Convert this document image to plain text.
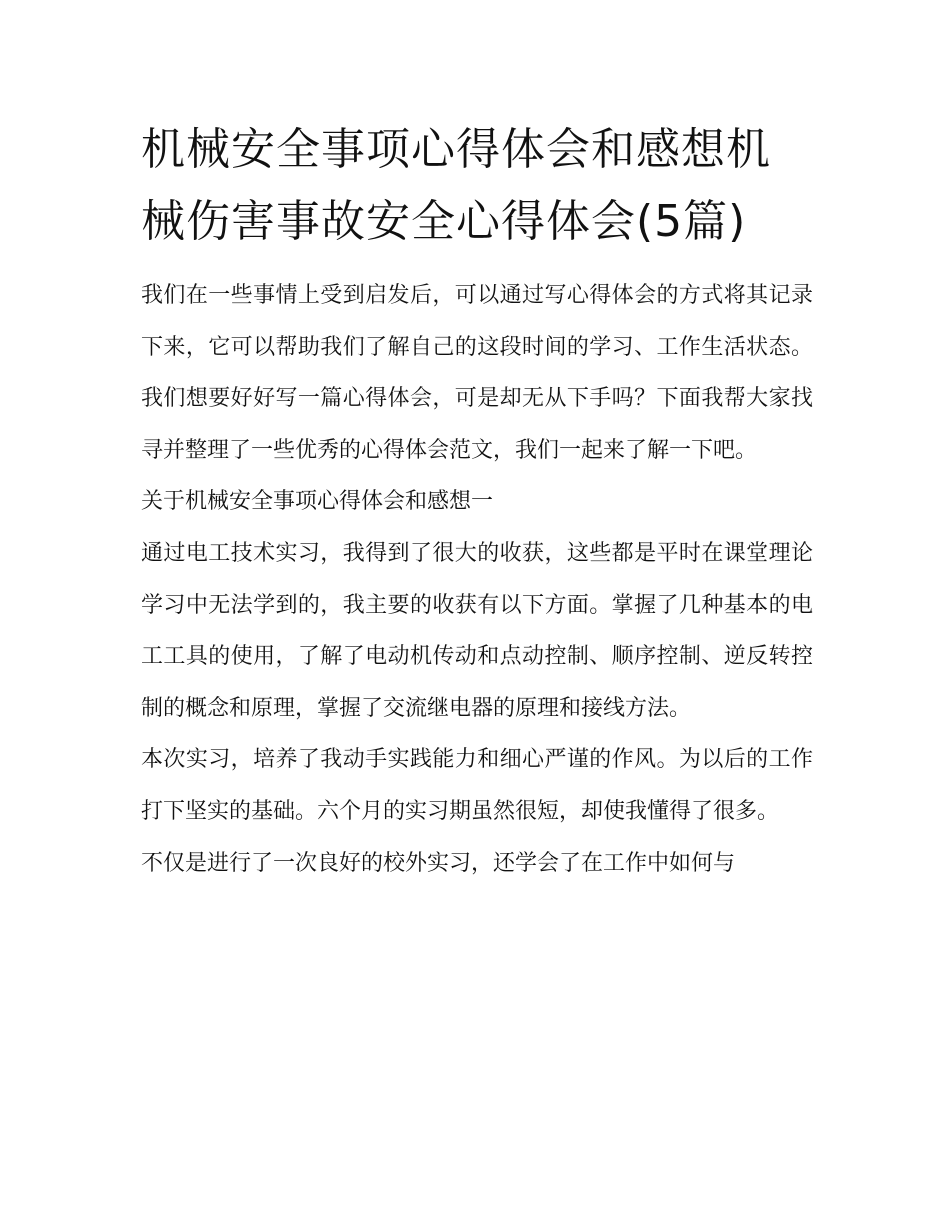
机械安全事项心得体会和感想机械伤害事故安全心得体会(5篇)

我们在一些事情上受到启发后，可以通过写心得体会的方式将其记录下来，它可以帮助我们了解自己的这段时间的学习、工作生活状态。我们想要好好写一篇心得体会，可是却无从下手吗？下面我帮大家找寻并整理了一些优秀的心得体会范文，我们一起来了解一下吧。

关于机械安全事项心得体会和感想一

通过电工技术实习，我得到了很大的收获，这些都是平时在课堂理论学习中无法学到的，我主要的收获有以下方面。掌握了几种基本的电工工具的使用，了解了电动机传动和点动控制、顺序控制、逆反转控制的概念和原理，掌握了交流继电器的原理和接线方法。

本次实习，培养了我动手实践能力和细心严谨的作风。为以后的工作打下坚实的基础。六个月的实习期虽然很短，却使我懂得了很多。

不仅是进行了一次良好的校外实习，还学会了在工作中如何与
